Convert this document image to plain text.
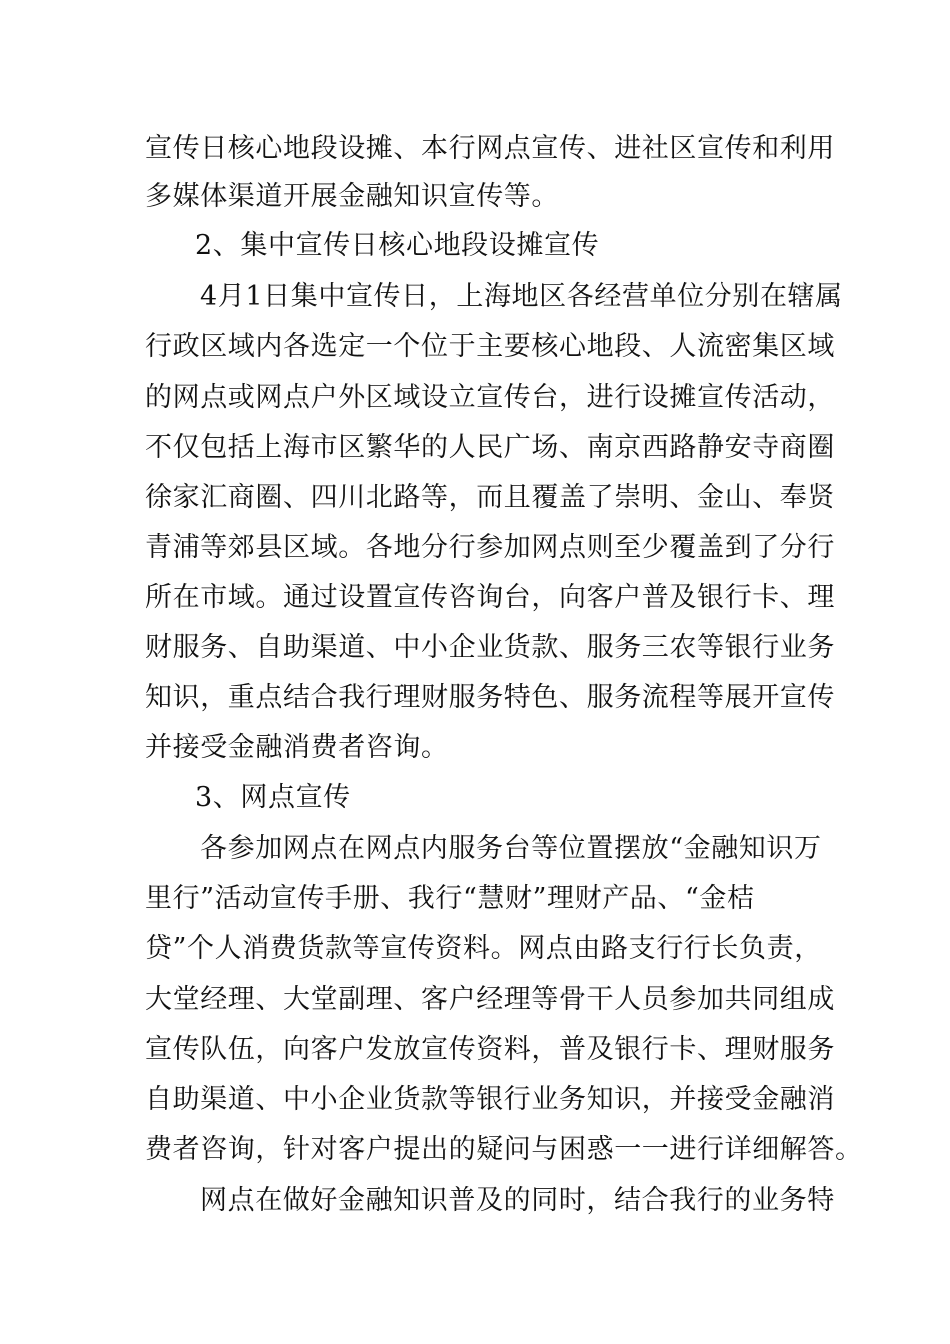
宣传日核心地段设摊、本行网点宣传、进社区宣传和利用
多媒体渠道开展金融知识宣传等。
2、集中宣传日核心地段设摊宣传
4月1日集中宣传日，上海地区各经营单位分别在辖属
行政区域内各选定一个位于主要核心地段、人流密集区域
的网点或网点户外区域设立宣传台，进行设摊宣传活动，
不仅包括上海市区繁华的人民广场、南京西路静安寺商圈
徐家汇商圈、四川北路等，而且覆盖了崇明、金山、奉贤
青浦等郊县区域。各地分行参加网点则至少覆盖到了分行
所在市域。通过设置宣传咨询台，向客户普及银行卡、理
财服务、自助渠道、中小企业货款、服务三农等银行业务
知识，重点结合我行理财服务特色、服务流程等展开宣传
并接受金融消费者咨询。
3、网点宣传
各参加网点在网点内服务台等位置摆放“金融知识万
里行”活动宣传手册、我行“慧财”理财产品、“金桔
贷”个人消费货款等宣传资料。网点由路支行行长负责，
大堂经理、大堂副理、客户经理等骨干人员参加共同组成
宣传队伍，向客户发放宣传资料，普及银行卡、理财服务
自助渠道、中小企业货款等银行业务知识，并接受金融消
费者咨询，针对客户提出的疑问与困惑一一进行详细解答。
网点在做好金融知识普及的同时，结合我行的业务特
